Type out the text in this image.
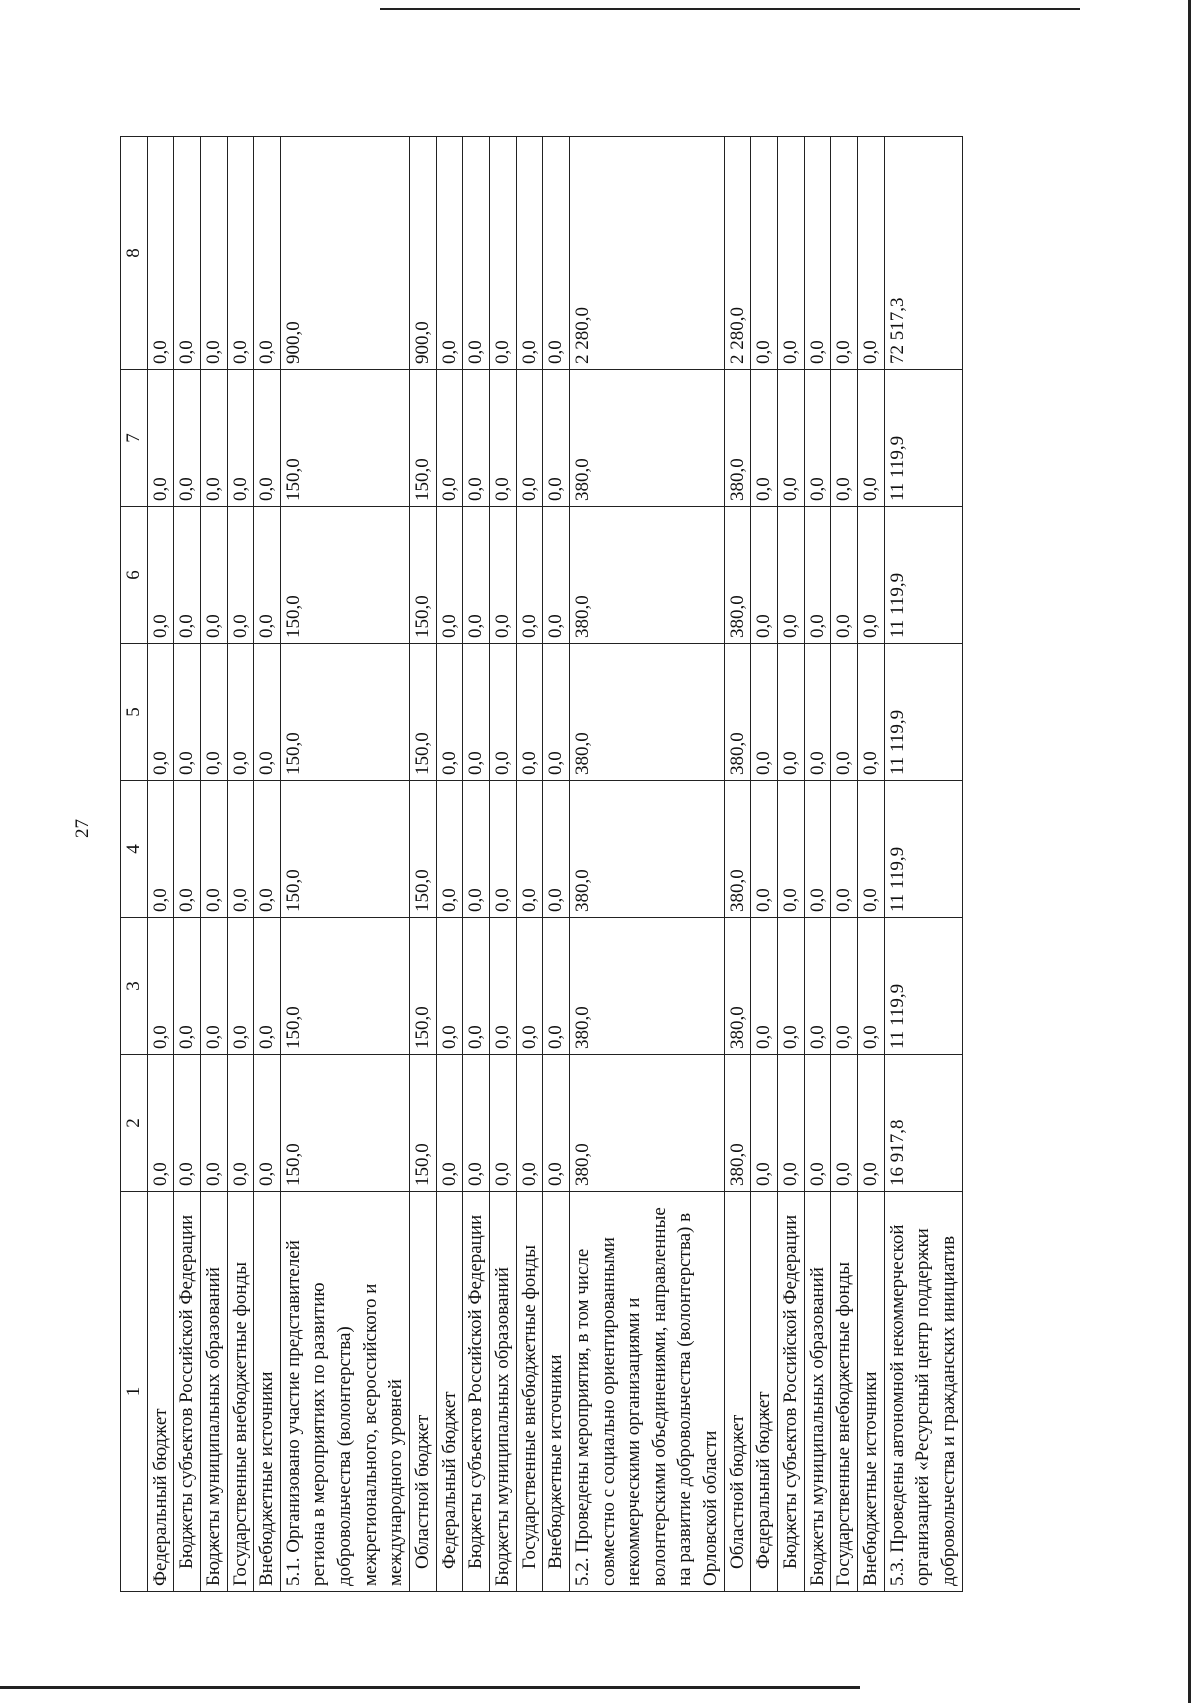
27
1	2	3	4	5	6	7	8
Федеральный бюджет	0,0	0,0	0,0	0,0	0,0	0,0	0,0
Бюджеты субъектов Российской Федерации	0,0	0,0	0,0	0,0	0,0	0,0	0,0
Бюджеты муниципальных образований	0,0	0,0	0,0	0,0	0,0	0,0	0,0
Государственные внебюджетные фонды	0,0	0,0	0,0	0,0	0,0	0,0	0,0
Внебюджетные источники	0,0	0,0	0,0	0,0	0,0	0,0	0,0
5.1. Организовано участие представителей региона в мероприятиях по развитию добровольчества (волонтерства) межрегионального, всероссийского и международного уровней	150,0	150,0	150,0	150,0	150,0	150,0	900,0
Областной бюджет	150,0	150,0	150,0	150,0	150,0	150,0	900,0
Федеральный бюджет	0,0	0,0	0,0	0,0	0,0	0,0	0,0
Бюджеты субъектов Российской Федерации	0,0	0,0	0,0	0,0	0,0	0,0	0,0
Бюджеты муниципальных образований	0,0	0,0	0,0	0,0	0,0	0,0	0,0
Государственные внебюджетные фонды	0,0	0,0	0,0	0,0	0,0	0,0	0,0
Внебюджетные источники	0,0	0,0	0,0	0,0	0,0	0,0	0,0
5.2. Проведены мероприятия, в том числе совместно с социально ориентированными некоммерческими организациями и волонтерскими объединениями, направленные на развитие добровольчества (волонтерства) в Орловской области	380,0	380,0	380,0	380,0	380,0	380,0	2 280,0
Областной бюджет	380,0	380,0	380,0	380,0	380,0	380,0	2 280,0
Федеральный бюджет	0,0	0,0	0,0	0,0	0,0	0,0	0,0
Бюджеты субъектов Российской Федерации	0,0	0,0	0,0	0,0	0,0	0,0	0,0
Бюджеты муниципальных образований	0,0	0,0	0,0	0,0	0,0	0,0	0,0
Государственные внебюджетные фонды	0,0	0,0	0,0	0,0	0,0	0,0	0,0
Внебюджетные источники	0,0	0,0	0,0	0,0	0,0	0,0	0,0
5.3. Проведены автономной некоммерческой организацией «Ресурсный центр поддержки добровольчества и гражданских инициатив	16 917,8	11 119,9	11 119,9	11 119,9	11 119,9	11 119,9	72 517,3
